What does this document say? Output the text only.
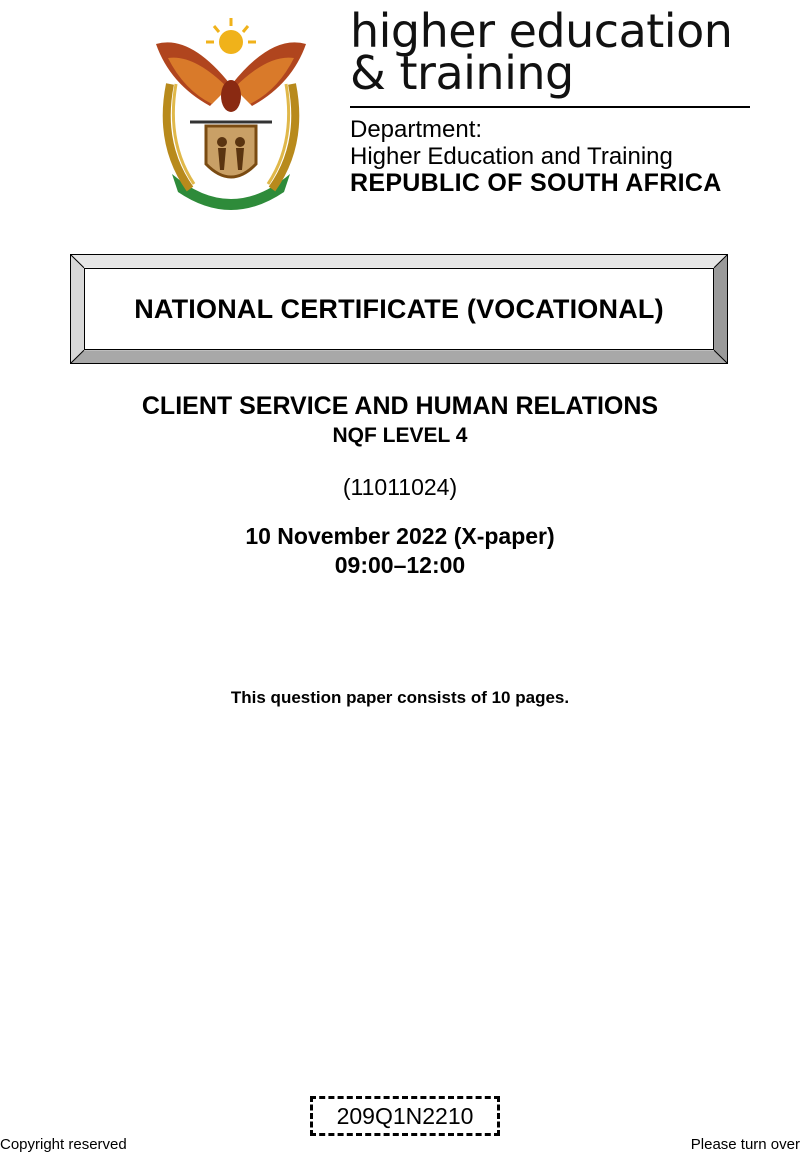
higher education
& training
Department:
Higher Education and Training
REPUBLIC OF SOUTH AFRICA
NATIONAL CERTIFICATE (VOCATIONAL)
CLIENT SERVICE AND HUMAN RELATIONS
NQF LEVEL 4
(11011024)
10 November 2022 (X-paper)
09:00–12:00
This question paper consists of 10 pages.
209Q1N2210
Copyright reserved	Please turn over
